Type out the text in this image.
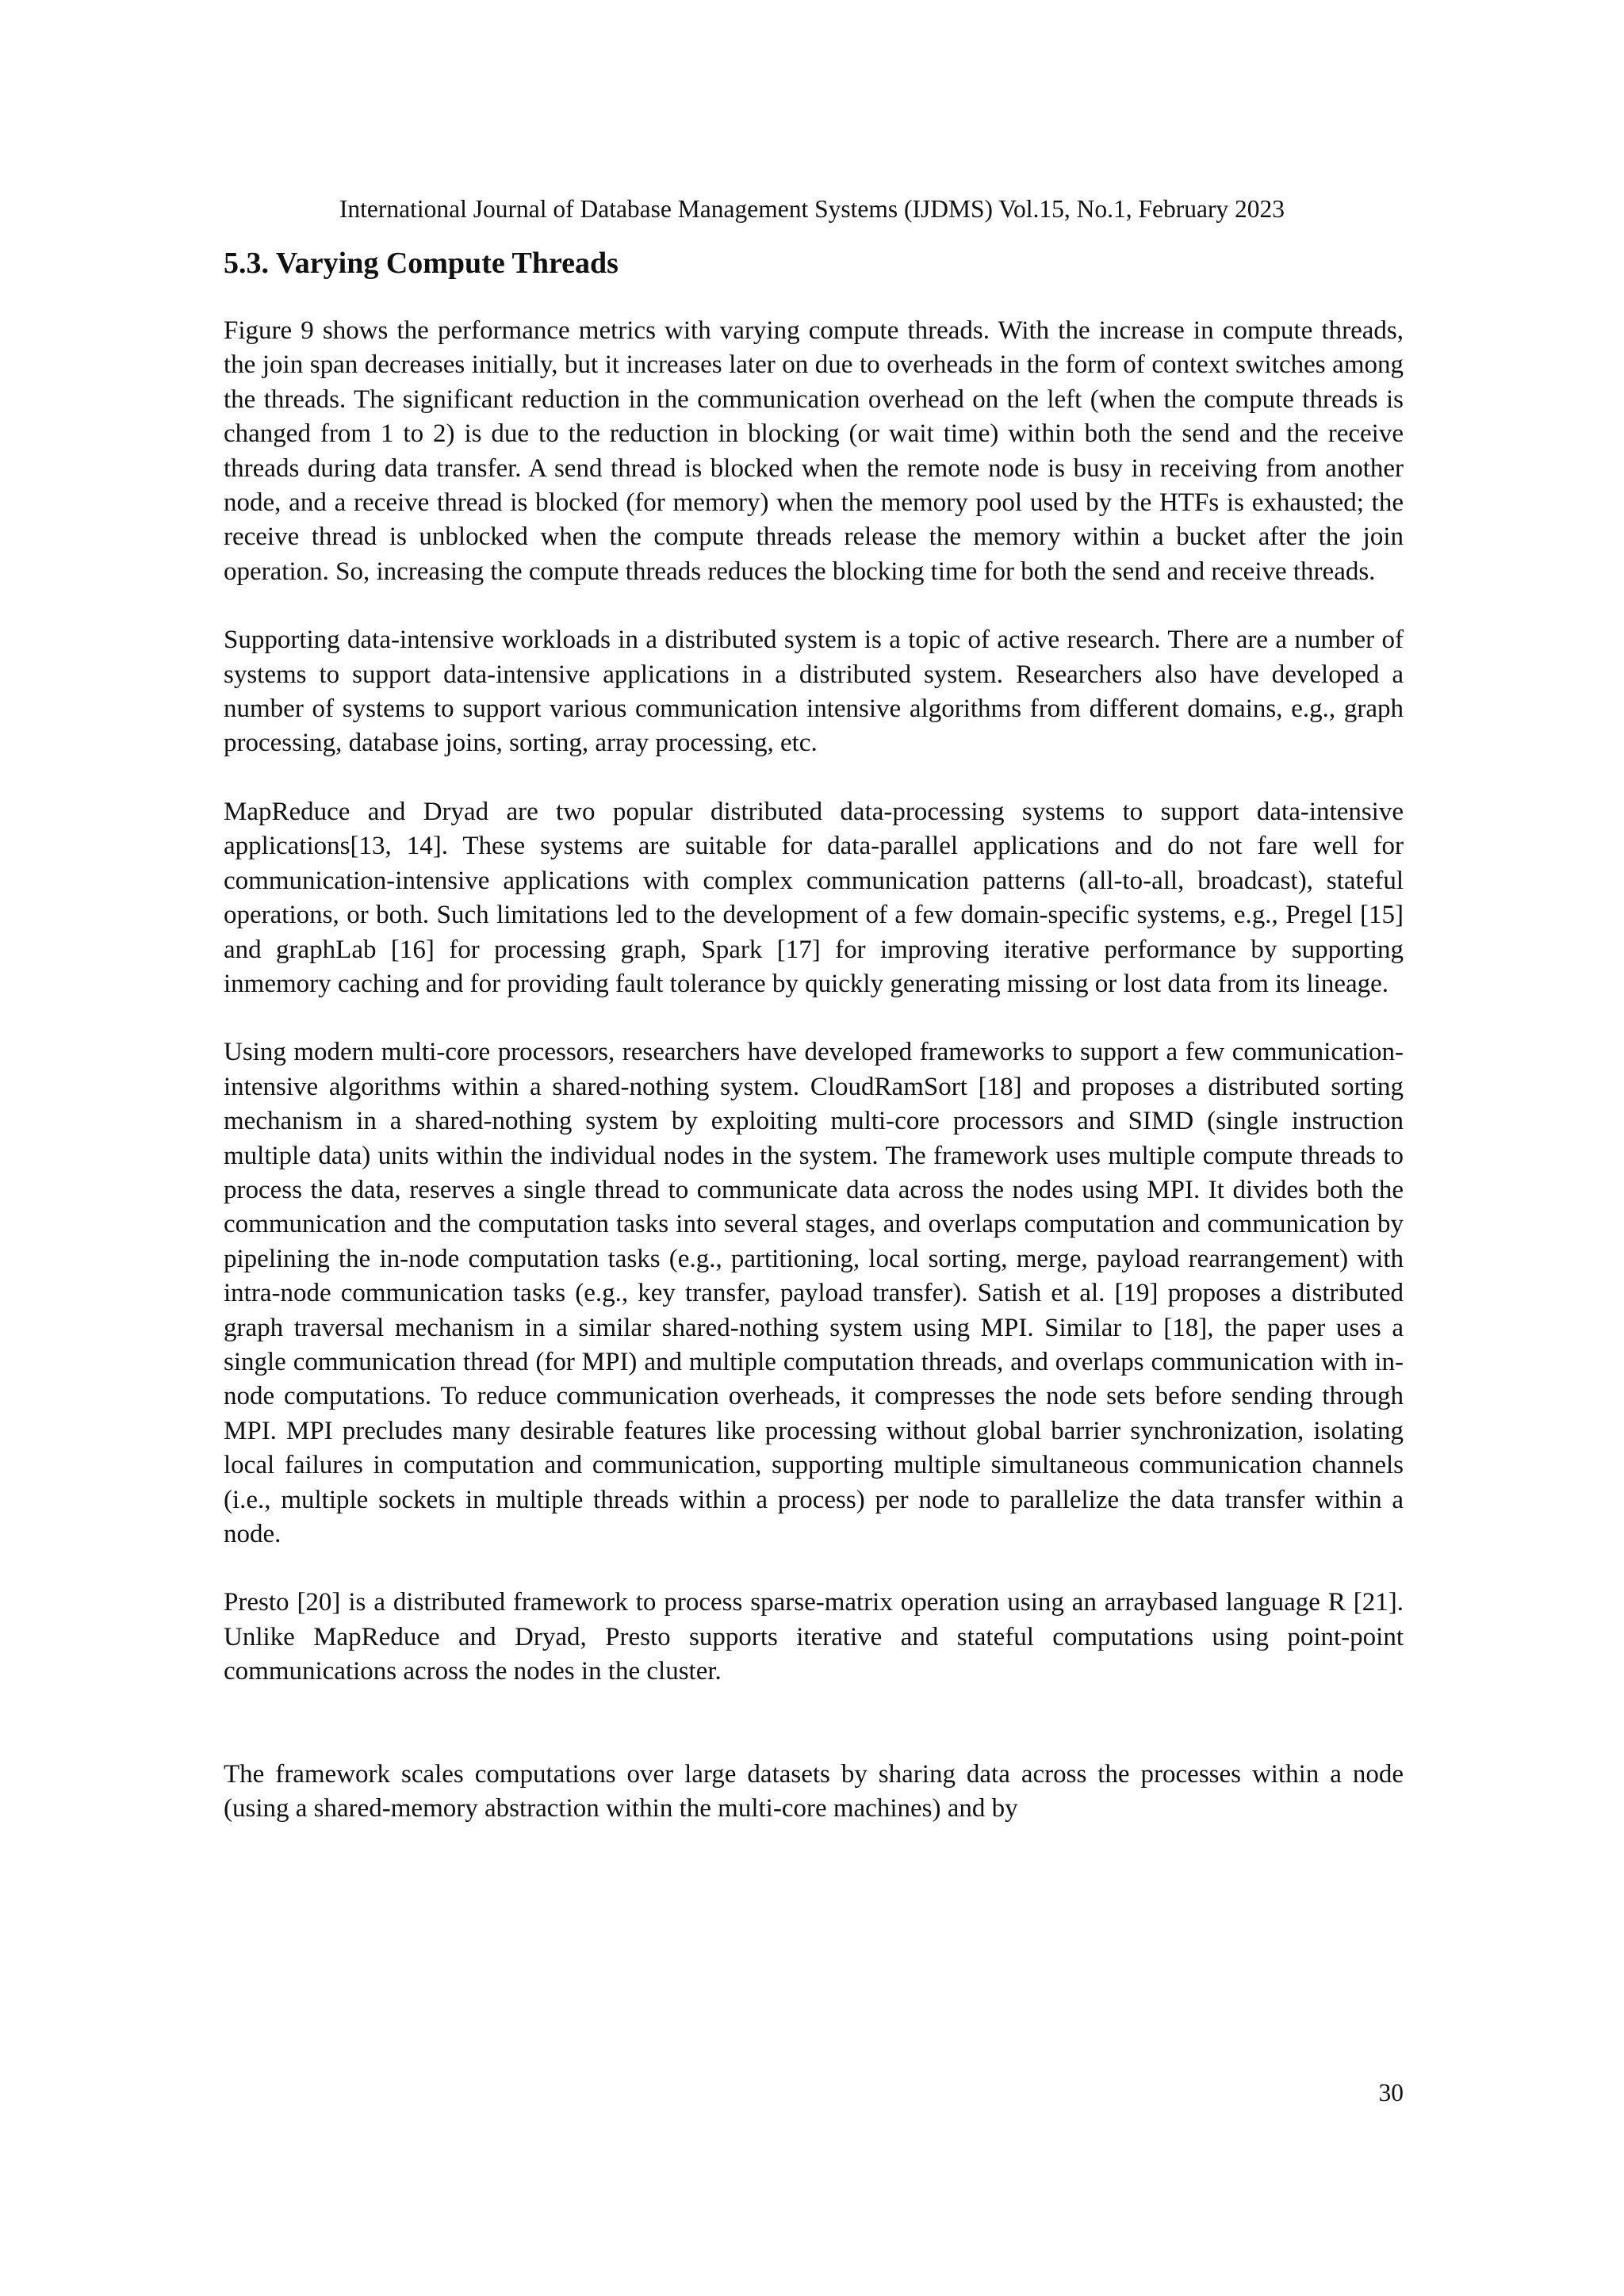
International Journal of Database Management Systems (IJDMS) Vol.15, No.1, February 2023
5.3. Varying Compute Threads

Figure 9 shows the performance metrics with varying compute threads. With the increase in compute threads, the join span decreases initially, but it increases later on due to overheads in the form of context switches among the threads. The significant reduction in the communication overhead on the left (when the compute threads is changed from 1 to 2) is due to the reduction in blocking (or wait time) within both the send and the receive threads during data transfer. A send thread is blocked when the remote node is busy in receiving from another node, and a receive thread is blocked (for memory) when the memory pool used by the HTFs is exhausted; the receive thread is unblocked when the compute threads release the memory within a bucket after the join operation. So, increasing the compute threads reduces the blocking time for both the send and receive threads.

Supporting data-intensive workloads in a distributed system is a topic of active research. There are a number of systems to support data-intensive applications in a distributed system. Researchers also have developed a number of systems to support various communication intensive algorithms from different domains, e.g., graph processing, database joins, sorting, array processing, etc.

MapReduce and Dryad are two popular distributed data-processing systems to support data-intensive applications[13, 14]. These systems are suitable for data-parallel applications and do not fare well for communication-intensive applications with complex communication patterns (all-to-all, broadcast), stateful operations, or both. Such limitations led to the development of a few domain-specific systems, e.g., Pregel [15] and graphLab [16] for processing graph, Spark [17] for improving iterative performance by supporting inmemory caching and for providing fault tolerance by quickly generating missing or lost data from its lineage.

Using modern multi-core processors, researchers have developed frameworks to support a few communication-intensive algorithms within a shared-nothing system. CloudRamSort [18] and proposes a distributed sorting mechanism in a shared-nothing system by exploiting multi-core processors and SIMD (single instruction multiple data) units within the individual nodes in the system. The framework uses multiple compute threads to process the data, reserves a single thread to communicate data across the nodes using MPI. It divides both the communication and the computation tasks into several stages, and overlaps computation and communication by pipelining the in-node computation tasks (e.g., partitioning, local sorting, merge, payload rearrangement) with intra-node communication tasks (e.g., key transfer, payload transfer). Satish et al. [19] proposes a distributed graph traversal mechanism in a similar shared-nothing system using MPI. Similar to [18], the paper uses a single communication thread (for MPI) and multiple computation threads, and overlaps communication with in-node computations. To reduce communication overheads, it compresses the node sets before sending through MPI. MPI precludes many desirable features like processing without global barrier synchronization, isolating local failures in computation and communication, supporting multiple simultaneous communication channels (i.e., multiple sockets in multiple threads within a process) per node to parallelize the data transfer within a node.

Presto [20] is a distributed framework to process sparse-matrix operation using an arraybased language R [21]. Unlike MapReduce and Dryad, Presto supports iterative and stateful computations using point-point communications across the nodes in the cluster.

The framework scales computations over large datasets by sharing data across the processes within a node (using a shared-memory abstraction within the multi-core machines) and by

30
